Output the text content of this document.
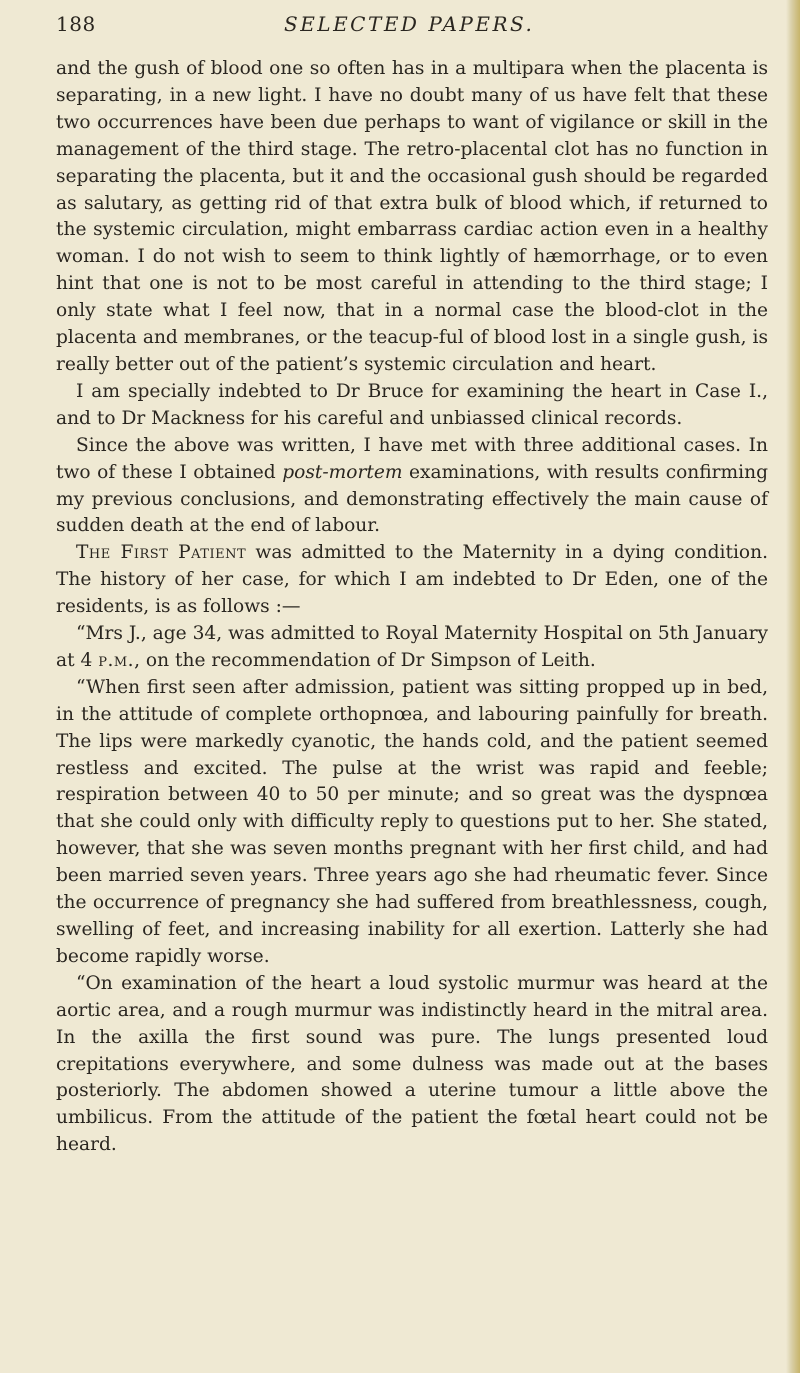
188	SELECTED PAPERS.

and the gush of blood one so often has in a multipara when the placenta is separating, in a new light. I have no doubt many of us have felt that these two occurrences have been due perhaps to want of vigilance or skill in the management of the third stage. The retro-placental clot has no function in separating the placenta, but it and the occasional gush should be regarded as salutary, as getting rid of that extra bulk of blood which, if returned to the systemic circulation, might embarrass cardiac action even in a healthy woman. I do not wish to seem to think lightly of hæmorrhage, or to even hint that one is not to be most careful in attending to the third stage; I only state what I feel now, that in a normal case the blood-clot in the placenta and membranes, or the teacup-ful of blood lost in a single gush, is really better out of the patient’s systemic circulation and heart.

I am specially indebted to Dr Bruce for examining the heart in Case I., and to Dr Mackness for his careful and unbiassed clinical records.

Since the above was written, I have met with three additional cases. In two of these I obtained post-mortem examinations, with results confirming my previous conclusions, and demonstrating effectively the main cause of sudden death at the end of labour.

The First Patient was admitted to the Maternity in a dying condition. The history of her case, for which I am indebted to Dr Eden, one of the residents, is as follows :—

“Mrs J., age 34, was admitted to Royal Maternity Hospital on 5th January at 4 p.m., on the recommendation of Dr Simpson of Leith.

“When first seen after admission, patient was sitting propped up in bed, in the attitude of complete orthopnœa, and labouring painfully for breath. The lips were markedly cyanotic, the hands cold, and the patient seemed restless and excited. The pulse at the wrist was rapid and feeble; respiration between 40 to 50 per minute; and so great was the dyspnœa that she could only with difficulty reply to questions put to her. She stated, however, that she was seven months pregnant with her first child, and had been married seven years. Three years ago she had rheumatic fever. Since the occurrence of pregnancy she had suffered from breathlessness, cough, swelling of feet, and increasing inability for all exertion. Latterly she had become rapidly worse.

“On examination of the heart a loud systolic murmur was heard at the aortic area, and a rough murmur was indistinctly heard in the mitral area. In the axilla the first sound was pure. The lungs presented loud crepitations everywhere, and some dulness was made out at the bases posteriorly. The abdomen showed a uterine tumour a little above the umbilicus. From the attitude of the patient the fœtal heart could not be heard.
